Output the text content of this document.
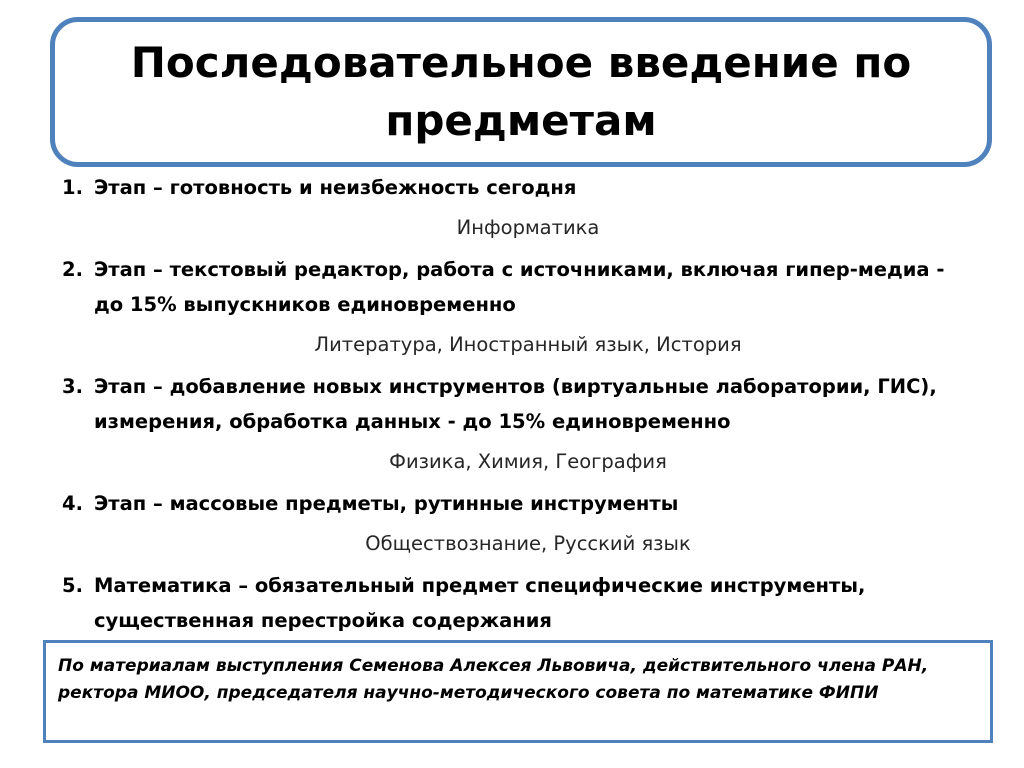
Последовательное введение по предметам
1. Этап – готовность и неизбежность сегодня
Информатика
2. Этап – текстовый редактор, работа с источниками, включая гипер-медиа - до 15% выпускников единовременно
Литература, Иностранный язык, История
3. Этап – добавление новых инструментов (виртуальные лаборатории, ГИС), измерения, обработка данных - до 15% единовременно
Физика, Химия, География
4. Этап – массовые предметы, рутинные инструменты
Обществознание, Русский язык
5. Математика – обязательный предмет специфические инструменты, существенная перестройка содержания

По материалам выступления Семенова Алексея Львовича, действительного члена РАН, ректора МИОО, председателя научно-методического совета по математике ФИПИ
